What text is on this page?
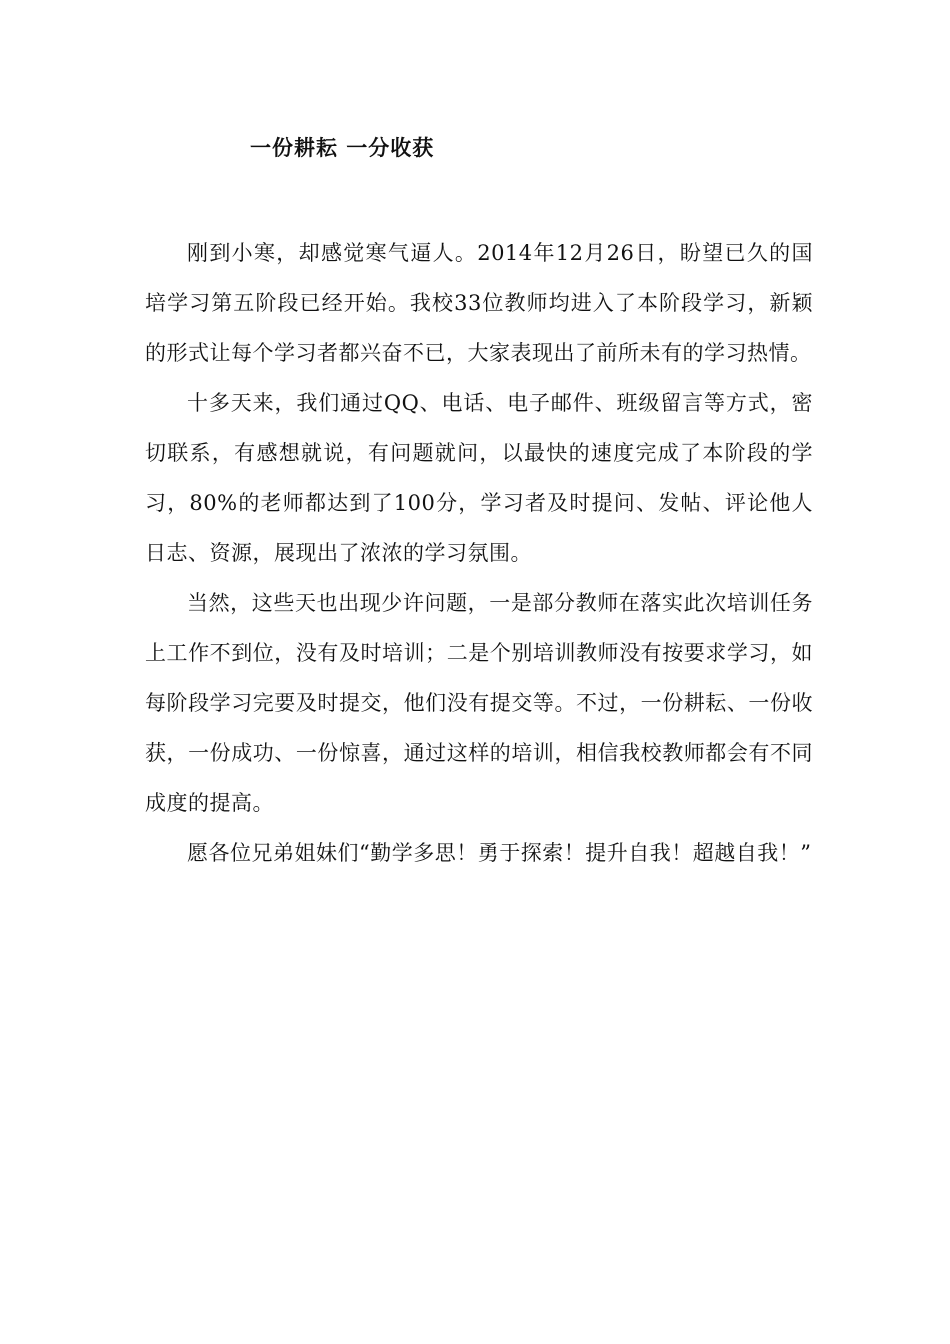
一份耕耘 一分收获

刚到小寒，却感觉寒气逼人。2014年12月26日，盼望已久的国培学习第五阶段已经开始。我校33位教师均进入了本阶段学习，新颖的形式让每个学习者都兴奋不已，大家表现出了前所未有的学习热情。

十多天来，我们通过QQ、电话、电子邮件、班级留言等方式，密切联系，有感想就说，有问题就问，以最快的速度完成了本阶段的学习，80%的老师都达到了100分，学习者及时提问、发帖、评论他人日志、资源，展现出了浓浓的学习氛围。

当然，这些天也出现少许问题，一是部分教师在落实此次培训任务上工作不到位，没有及时培训；二是个别培训教师没有按要求学习，如每阶段学习完要及时提交，他们没有提交等。不过，一份耕耘、一份收获，一份成功、一份惊喜，通过这样的培训，相信我校教师都会有不同成度的提高。

愿各位兄弟姐妹们“勤学多思！勇于探索！提升自我！超越自我！”
